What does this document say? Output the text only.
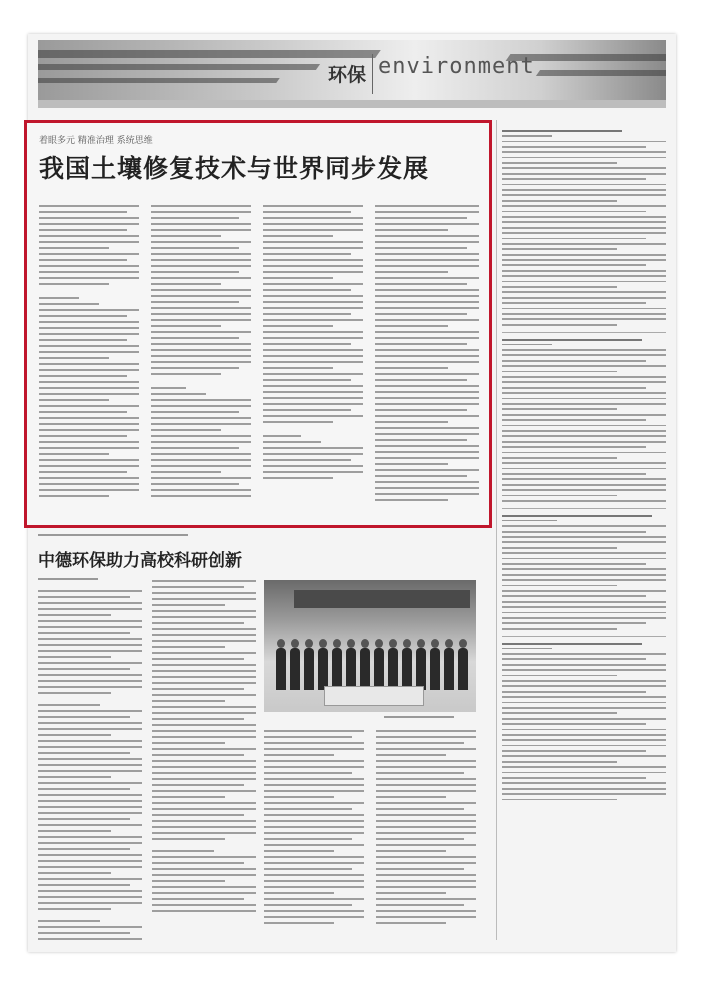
环保 environment
着眼多元 精准治理 系统思维
我国土壤修复技术与世界同步发展
中德环保助力高校科研创新
